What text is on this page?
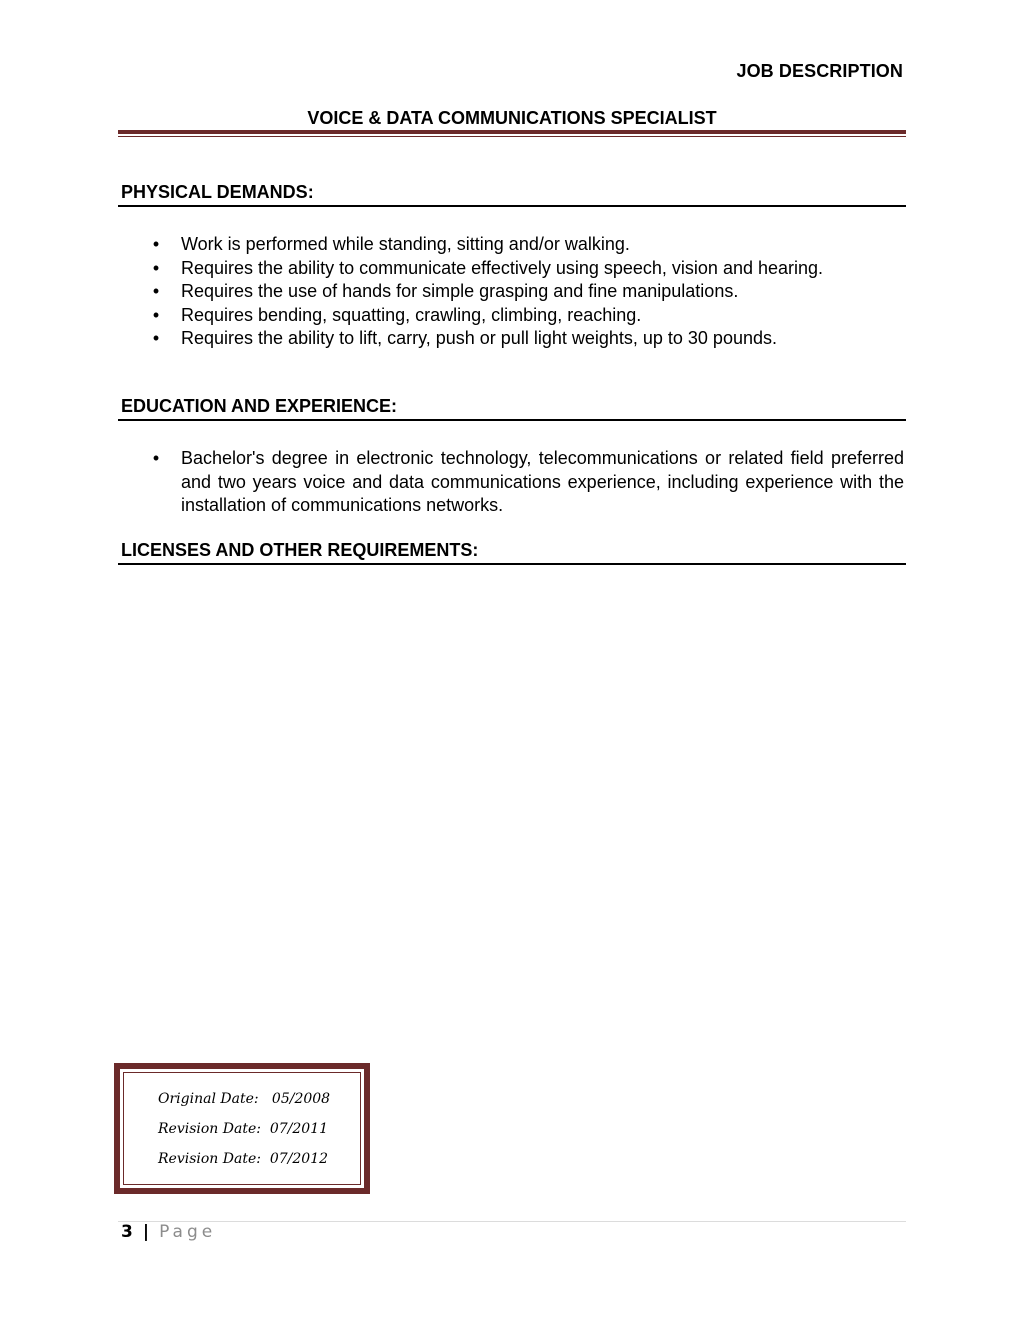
JOB DESCRIPTION
VOICE & DATA COMMUNICATIONS SPECIALIST
PHYSICAL DEMANDS:
• Work is performed while standing, sitting and/or walking.
• Requires the ability to communicate effectively using speech, vision and hearing.
• Requires the use of hands for simple grasping and fine manipulations.
• Requires bending, squatting, crawling, climbing, reaching.
• Requires the ability to lift, carry, push or pull light weights, up to 30 pounds.
EDUCATION AND EXPERIENCE:
• Bachelor's degree in electronic technology, telecommunications or related field preferred and two years voice and data communications experience, including experience with the installation of communications networks.
LICENSES AND OTHER REQUIREMENTS:
Original Date:   05/2008
Revision Date:  07/2011
Revision Date:  07/2012
3 | Page
